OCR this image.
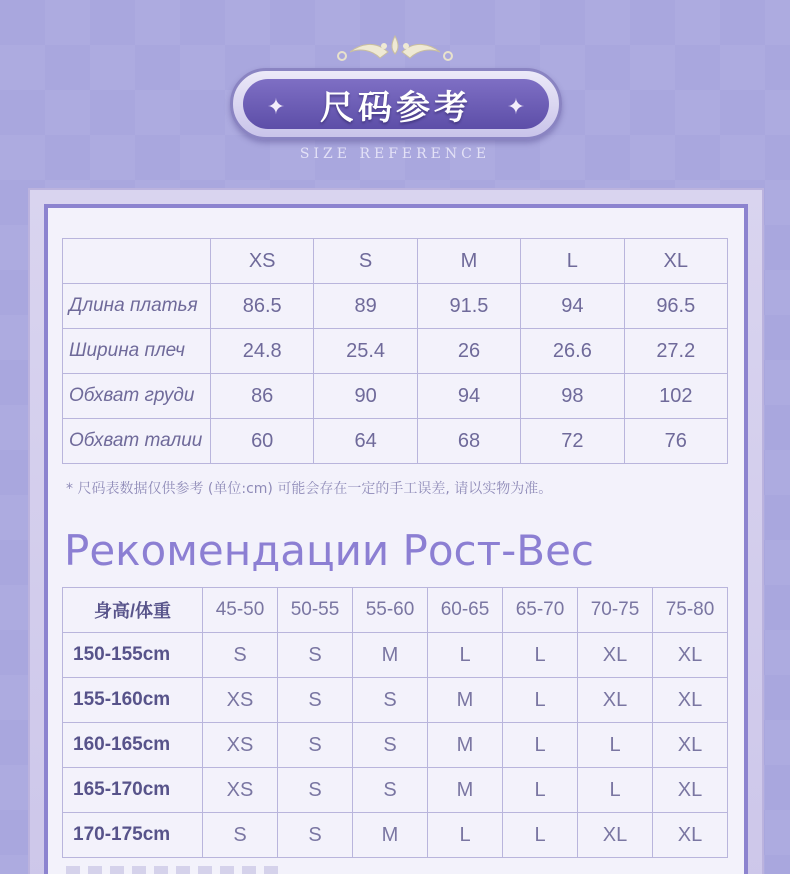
✦ 尺码参考 ✦
SIZE REFERENCE
	XS	S	M	L	XL
Длина платья	86.5	89	91.5	94	96.5
Ширина плеч	24.8	25.4	26	26.6	27.2
Обхват груди	86	90	94	98	102
Обхват талии	60	64	68	72	76
* 尺码表数据仅供参考 (单位:cm) 可能会存在一定的手工误差, 请以实物为准。
Рекомендации Рост-Вес
身高/体重	45-50	50-55	55-60	60-65	65-70	70-75	75-80
150-155cm	S	S	M	L	L	XL	XL
155-160cm	XS	S	S	M	L	XL	XL
160-165cm	XS	S	S	M	L	L	XL
165-170cm	XS	S	S	M	L	L	XL
170-175cm	S	S	M	L	L	XL	XL
